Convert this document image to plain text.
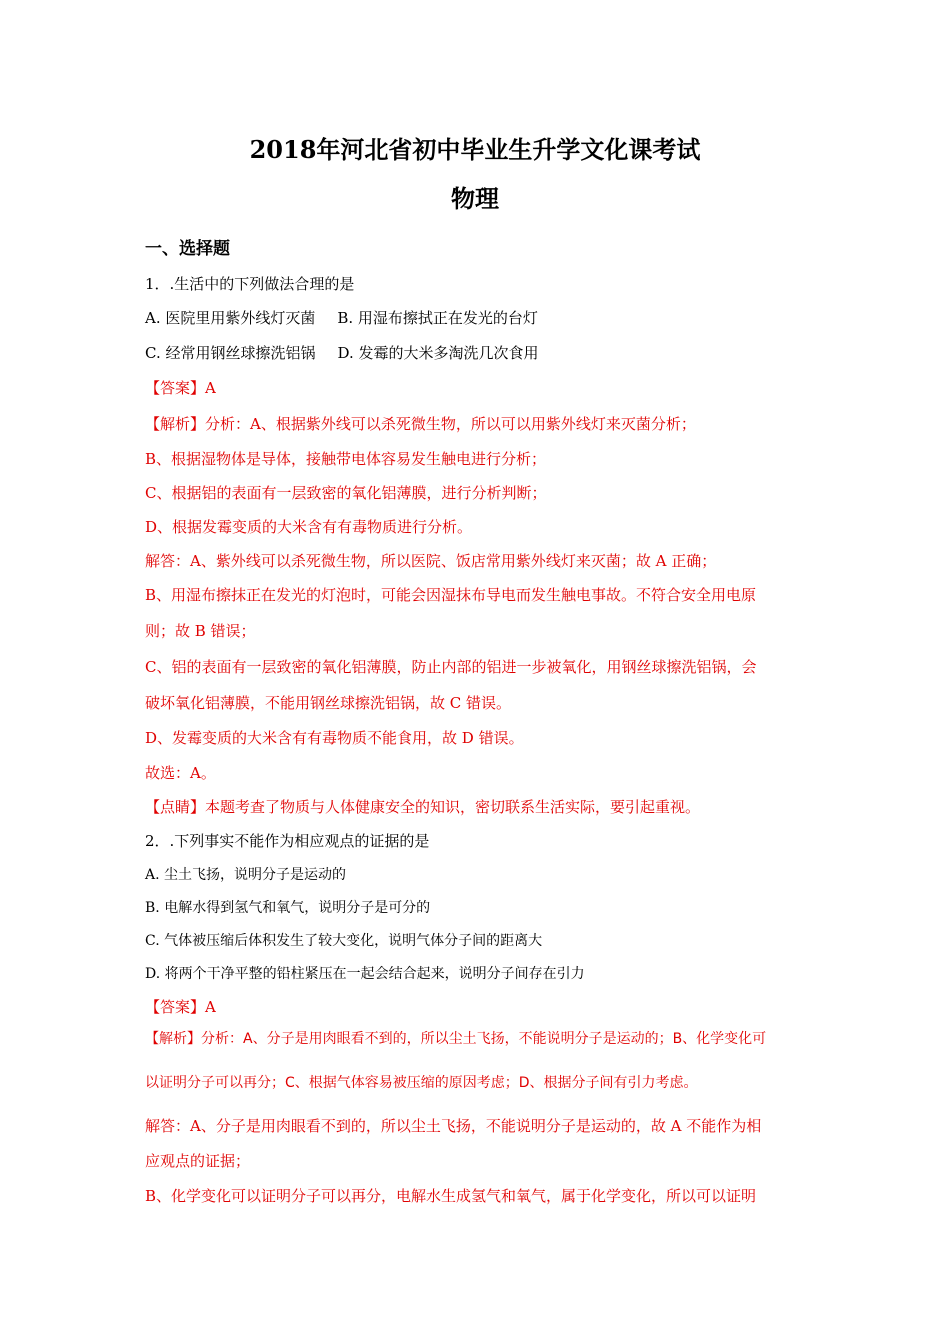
2018年河北省初中毕业生升学文化课考试
物理
一、选择题
1．.生活中的下列做法合理的是
A. 医院里用紫外线灯灭菌 B. 用湿布擦拭正在发光的台灯
C. 经常用钢丝球擦洗铝锅 D. 发霉的大米多淘洗几次食用
【答案】A
【解析】分析：A、根据紫外线可以杀死微生物，所以可以用紫外线灯来灭菌分析；
B、根据湿物体是导体，接触带电体容易发生触电进行分析；
C、根据铝的表面有一层致密的氧化铝薄膜，进行分析判断；
D、根据发霉变质的大米含有有毒物质进行分析。
解答：A、紫外线可以杀死微生物，所以医院、饭店常用紫外线灯来灭菌；故 A 正确；
B、用湿布擦抹正在发光的灯泡时，可能会因湿抹布导电而发生触电事故。不符合安全用电原
则；故 B 错误；
C、铝的表面有一层致密的氧化铝薄膜，防止内部的铝进一步被氧化，用钢丝球擦洗铝锅，会
破坏氧化铝薄膜，不能用钢丝球擦洗铝锅，故 C 错误。
D、发霉变质的大米含有有毒物质不能食用，故 D 错误。
故选：A。
【点睛】本题考查了物质与人体健康安全的知识，密切联系生活实际，要引起重视。
2．.下列事实不能作为相应观点的证据的是
A. 尘土飞扬，说明分子是运动的
B. 电解水得到氢气和氧气，说明分子是可分的
C. 气体被压缩后体积发生了较大变化，说明气体分子间的距离大
D. 将两个干净平整的铅柱紧压在一起会结合起来，说明分子间存在引力
【答案】A
【解析】分析：A、分子是用肉眼看不到的，所以尘土飞扬，不能说明分子是运动的；B、化学变化可
以证明分子可以再分；C、根据气体容易被压缩的原因考虑；D、根据分子间有引力考虑。
解答：A、分子是用肉眼看不到的，所以尘土飞扬，不能说明分子是运动的，故 A 不能作为相
应观点的证据；
B、化学变化可以证明分子可以再分，电解水生成氢气和氧气，属于化学变化，所以可以证明
